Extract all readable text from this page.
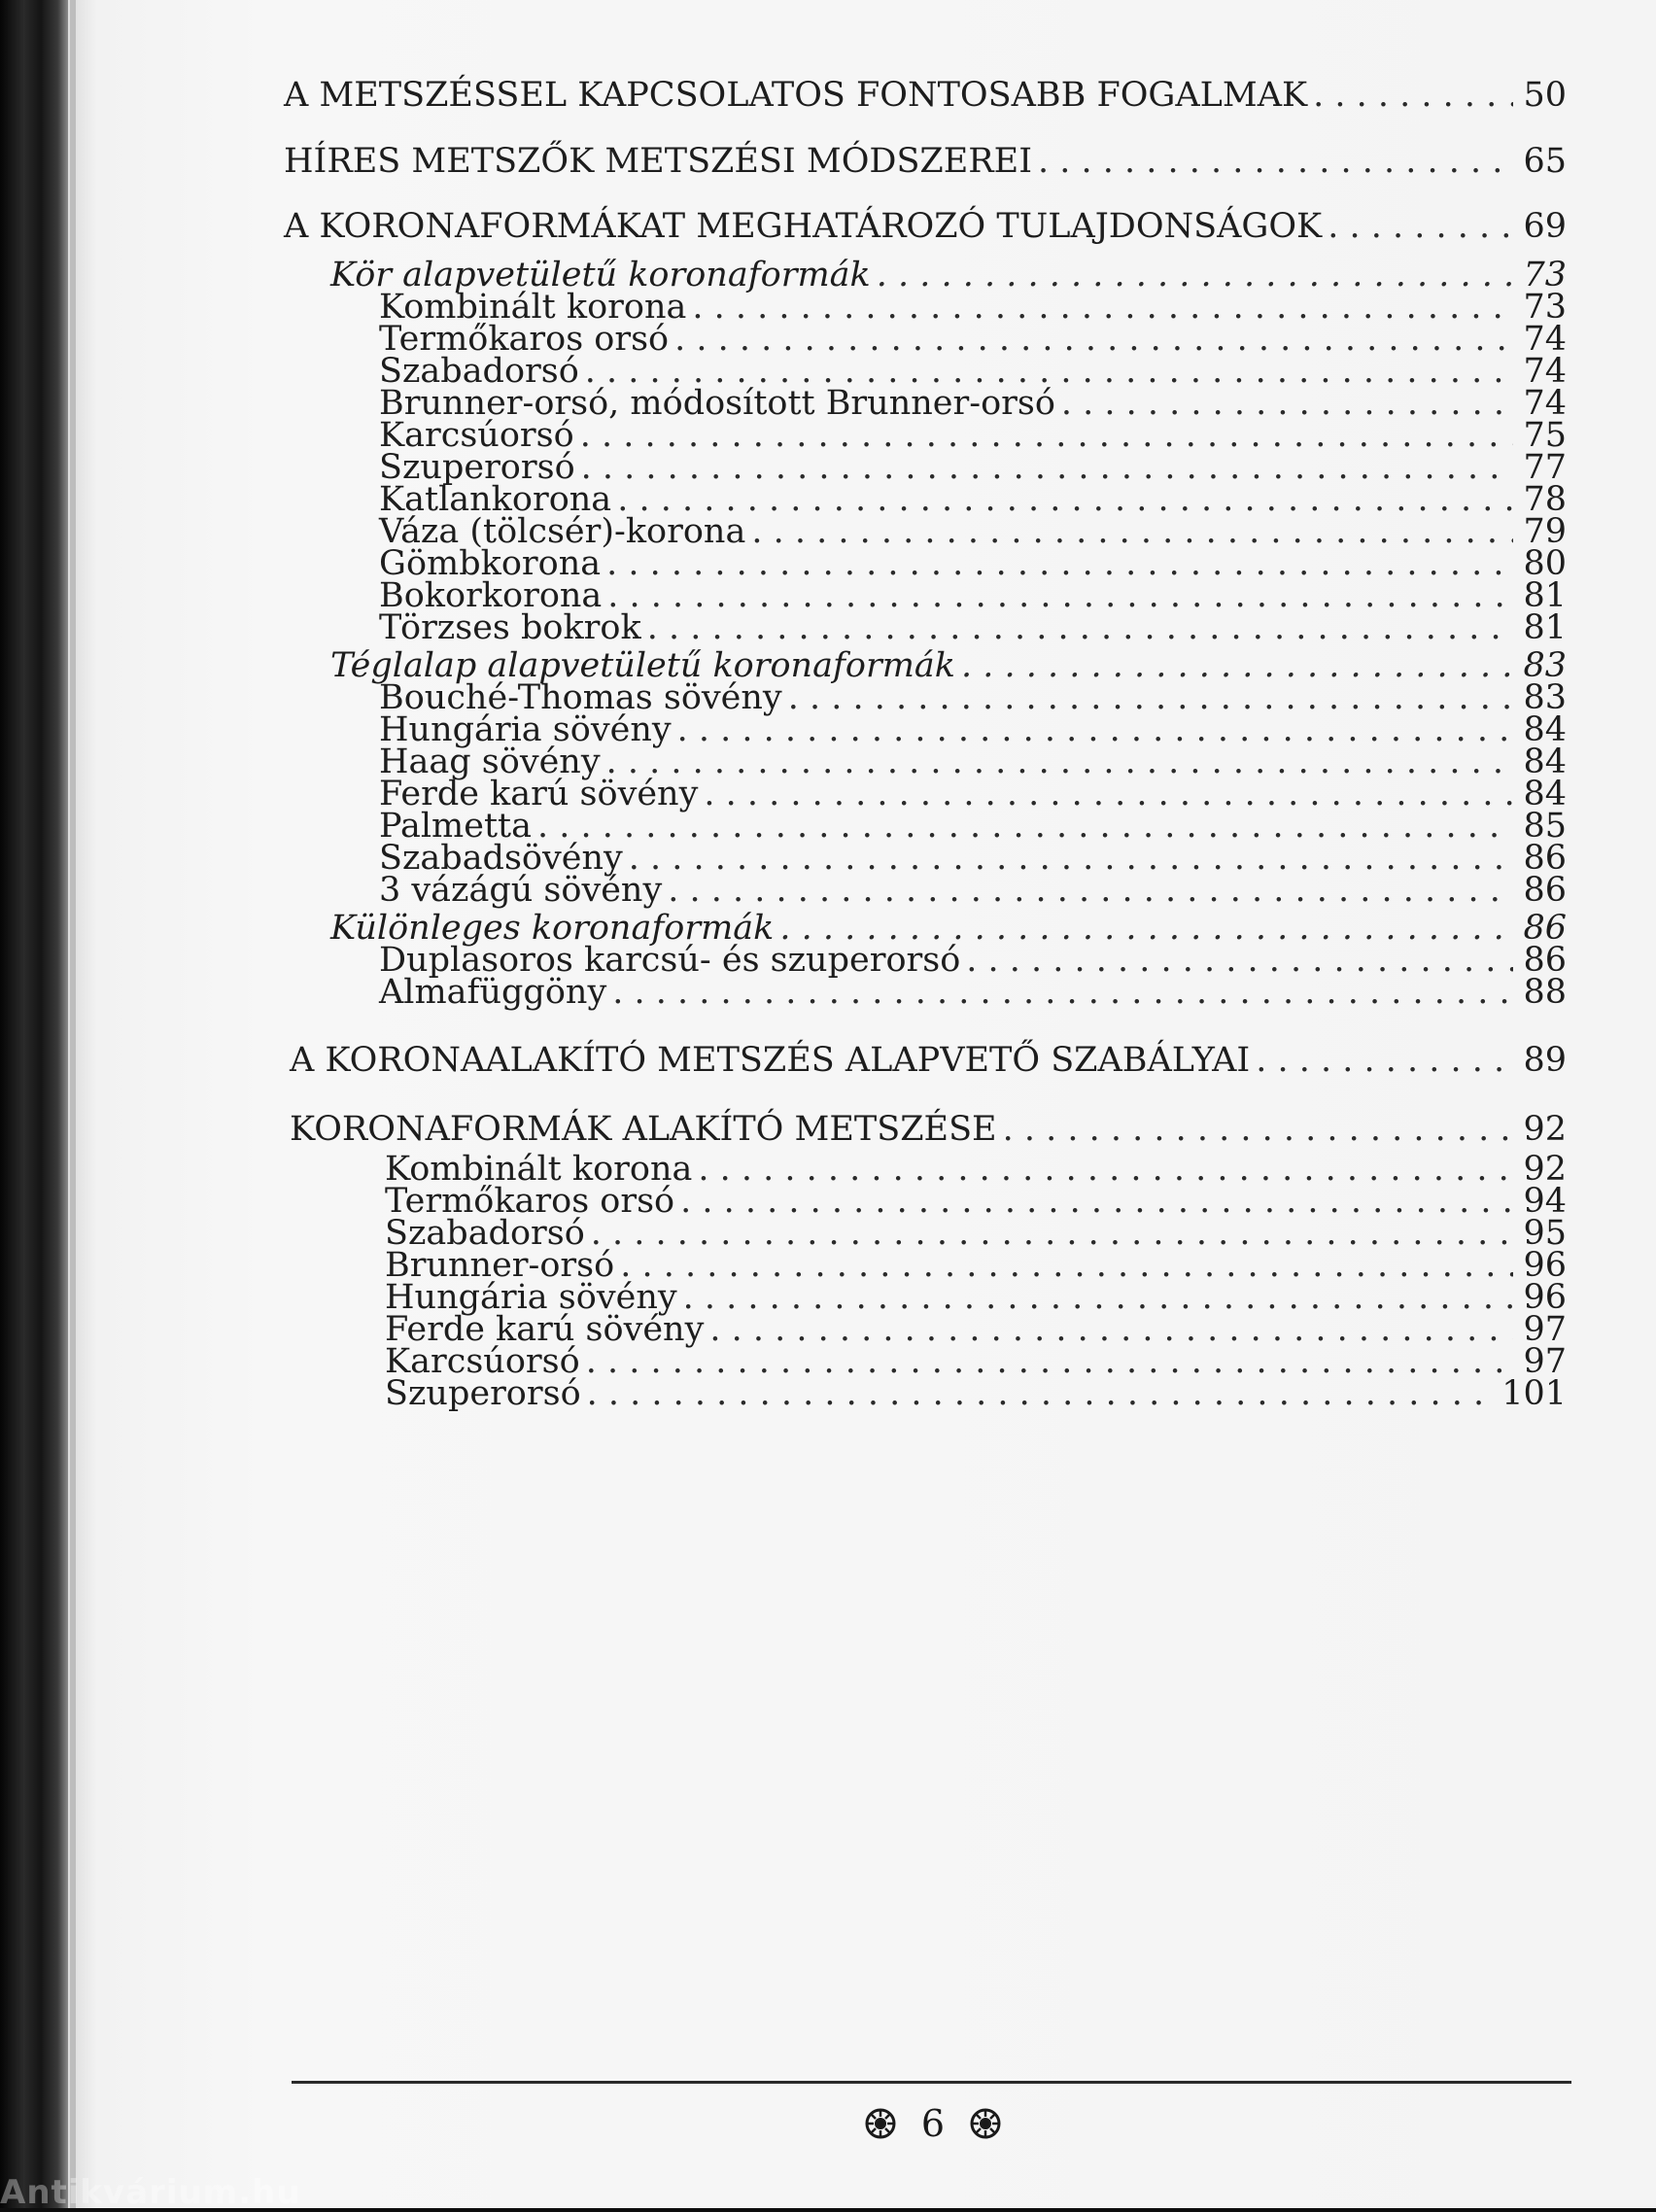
A METSZÉSSEL KAPCSOLATOS FONTOSABB FOGALMAK . . .	50
HÍRES METSZŐK METSZÉSI MÓDSZEREI . . .	65
A KORONAFORMÁKAT MEGHATÁROZÓ TULAJDONSÁGOK . . .	69
Kör alapvetületű koronaformák . . .	73
Kombinált korona . . .	73
Termőkaros orsó . . .	74
Szabadorsó . . .	74
Brunner-orsó, módosított Brunner-orsó . . .	74
Karcsúorsó . . .	75
Szuperorsó . . .	77
Katlankorona . . .	78
Váza (tölcsér)-korona . . .	79
Gömbkorona . . .	80
Bokorkorona . . .	81
Törzses bokrok . . .	81
Téglalap alapvetületű koronaformák . . .	83
Bouché-Thomas sövény . . .	83
Hungária sövény . . .	84
Haag sövény . . .	84
Ferde karú sövény . . .	84
Palmetta . . .	85
Szabadsövény . . .	86
3 vázágú sövény . . .	86
Különleges koronaformák . . .	86
Duplasoros karcsú- és szuperorsó . . .	86
Almafüggöny . . .	88
A KORONAALAKÍTÓ METSZÉS ALAPVETŐ SZABÁLYAI . . .	89
KORONAFORMÁK ALAKÍTÓ METSZÉSE . . .	92
Kombinált korona . . .	92
Termőkaros orsó . . .	94
Szabadorsó . . .	95
Brunner-orsó . . .	96
Hungária sövény . . .	96
Ferde karú sövény . . .	97
Karcsúorsó . . .	97
Szuperorsó . . .	101
6
Antikvárium.hu
